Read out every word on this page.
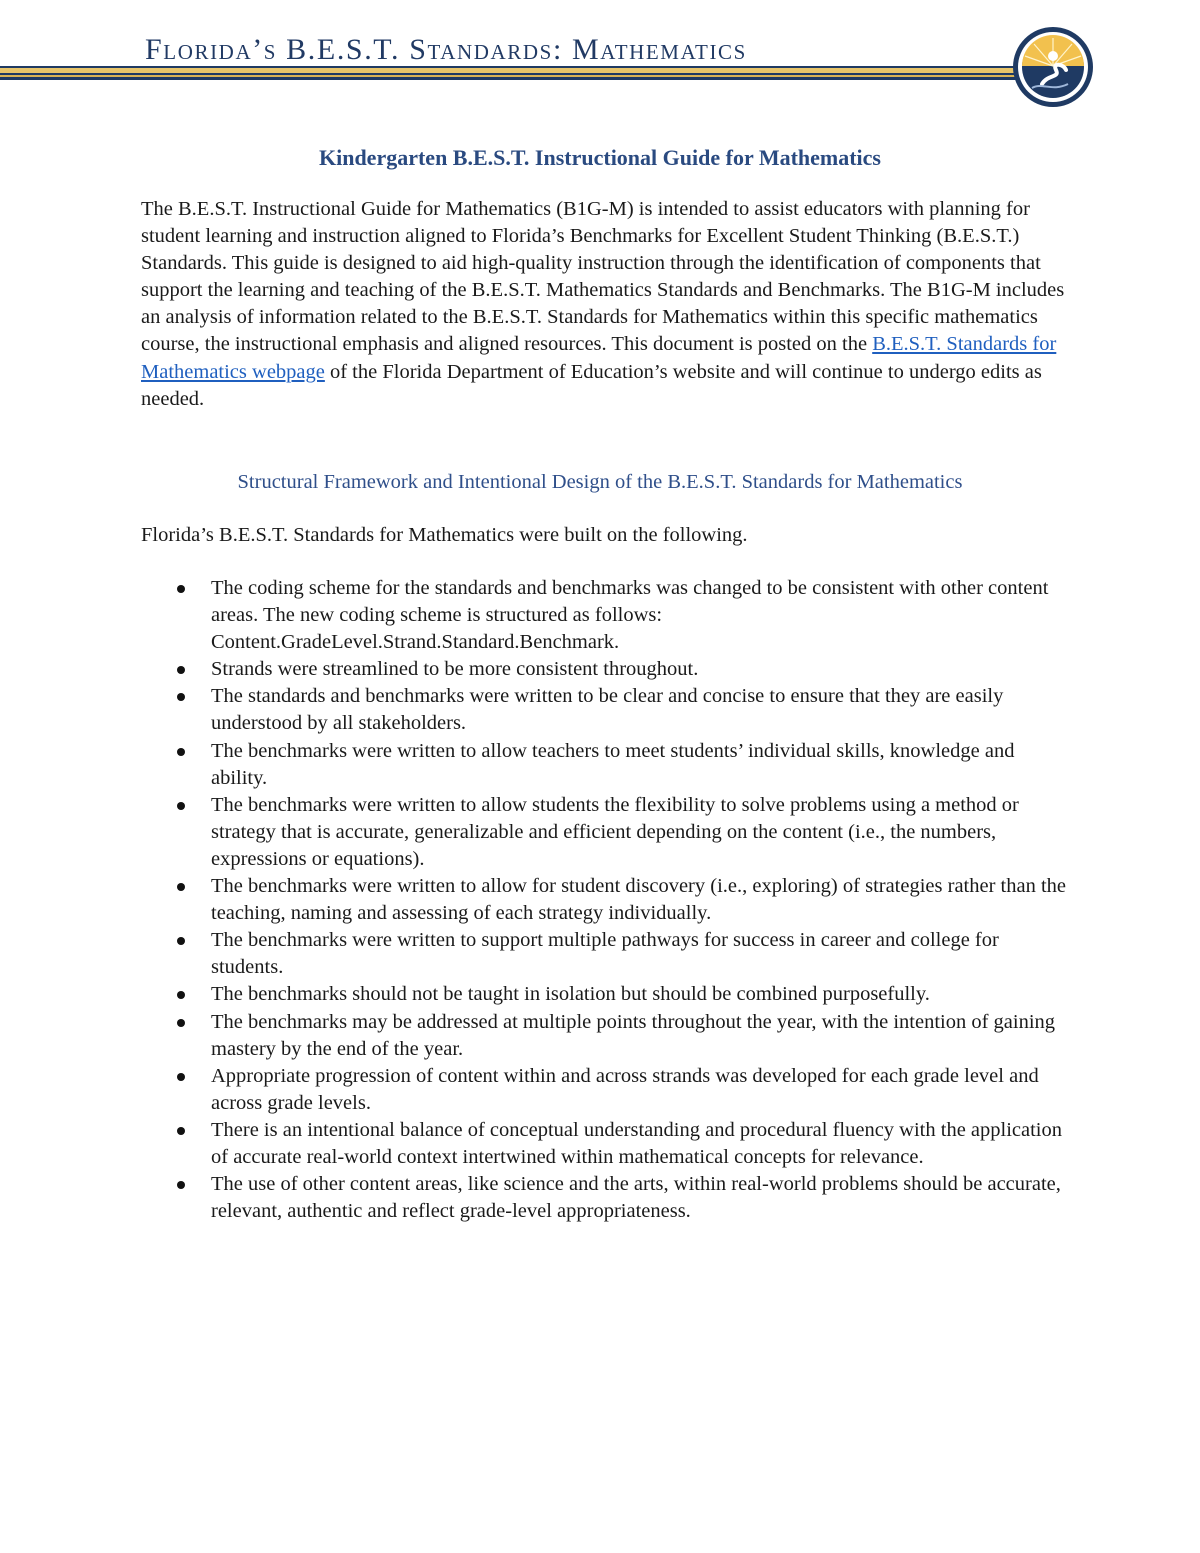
Florida’s B.E.S.T. Standards: Mathematics
Kindergarten B.E.S.T. Instructional Guide for Mathematics

The B.E.S.T. Instructional Guide for Mathematics (B1G-M) is intended to assist educators with planning for student learning and instruction aligned to Florida’s Benchmarks for Excellent Student Thinking (B.E.S.T.) Standards. This guide is designed to aid high-quality instruction through the identification of components that support the learning and teaching of the B.E.S.T. Mathematics Standards and Benchmarks. The B1G-M includes an analysis of information related to the B.E.S.T. Standards for Mathematics within this specific mathematics course, the instructional emphasis and aligned resources. This document is posted on the B.E.S.T. Standards for Mathematics webpage of the Florida Department of Education’s website and will continue to undergo edits as needed.

Structural Framework and Intentional Design of the B.E.S.T. Standards for Mathematics

Florida’s B.E.S.T. Standards for Mathematics were built on the following.

The coding scheme for the standards and benchmarks was changed to be consistent with other content areas. The new coding scheme is structured as follows: Content.GradeLevel.Strand.Standard.Benchmark.
Strands were streamlined to be more consistent throughout.
The standards and benchmarks were written to be clear and concise to ensure that they are easily understood by all stakeholders.
The benchmarks were written to allow teachers to meet students’ individual skills, knowledge and ability.
The benchmarks were written to allow students the flexibility to solve problems using a method or strategy that is accurate, generalizable and efficient depending on the content (i.e., the numbers, expressions or equations).
The benchmarks were written to allow for student discovery (i.e., exploring) of strategies rather than the teaching, naming and assessing of each strategy individually.
The benchmarks were written to support multiple pathways for success in career and college for students.
The benchmarks should not be taught in isolation but should be combined purposefully.
The benchmarks may be addressed at multiple points throughout the year, with the intention of gaining mastery by the end of the year.
Appropriate progression of content within and across strands was developed for each grade level and across grade levels.
There is an intentional balance of conceptual understanding and procedural fluency with the application of accurate real-world context intertwined within mathematical concepts for relevance.
The use of other content areas, like science and the arts, within real-world problems should be accurate, relevant, authentic and reflect grade-level appropriateness.
